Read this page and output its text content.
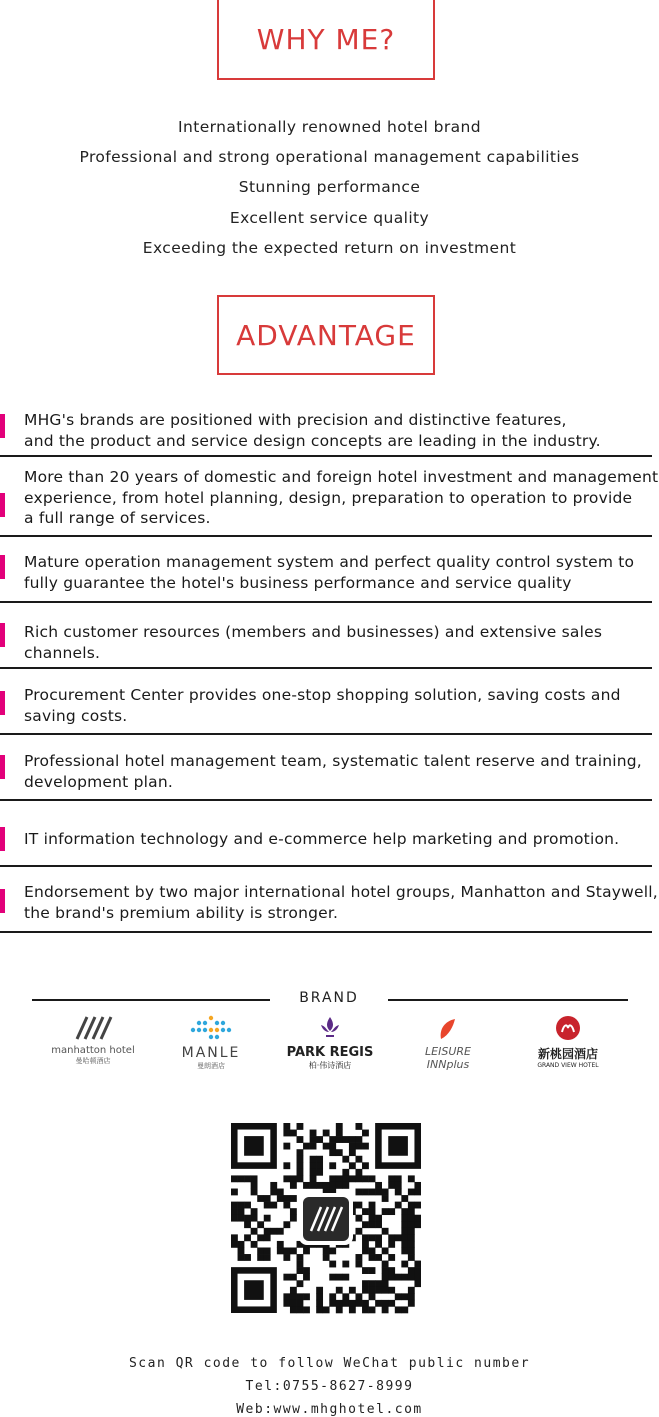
WHY ME?
Internationally renowned hotel brand
Professional and strong operational management capabilities
Stunning performance
Excellent service quality
Exceeding the expected return on investment
ADVANTAGE
MHG's brands are positioned with precision and distinctive features,
and the product and service design concepts are leading in the industry.
More than 20 years of domestic and foreign hotel investment and management
experience, from hotel planning, design, preparation to operation to provide
a full range of services.
Mature operation management system and perfect quality control system to
fully guarantee the hotel's business performance and service quality
Rich customer resources (members and businesses) and extensive sales
channels.
Procurement Center provides one-stop shopping solution, saving costs and
saving costs.
Professional hotel management team, systematic talent reserve and training,
development plan.
IT information technology and e-commerce help marketing and promotion.
Endorsement by two major international hotel groups, Manhatton and Staywell,
the brand's premium ability is stronger.
BRAND
manhatton hotel
曼哈顿酒店	MANLE
曼朗酒店
PARK REGIS
柏·伟诗酒店
LEISURE INNplus
新桃园酒店
GRAND VIEW HOTEL
Scan QR code to follow WeChat public number
Tel:0755-8627-8999
Web:www.mhghotel.com
